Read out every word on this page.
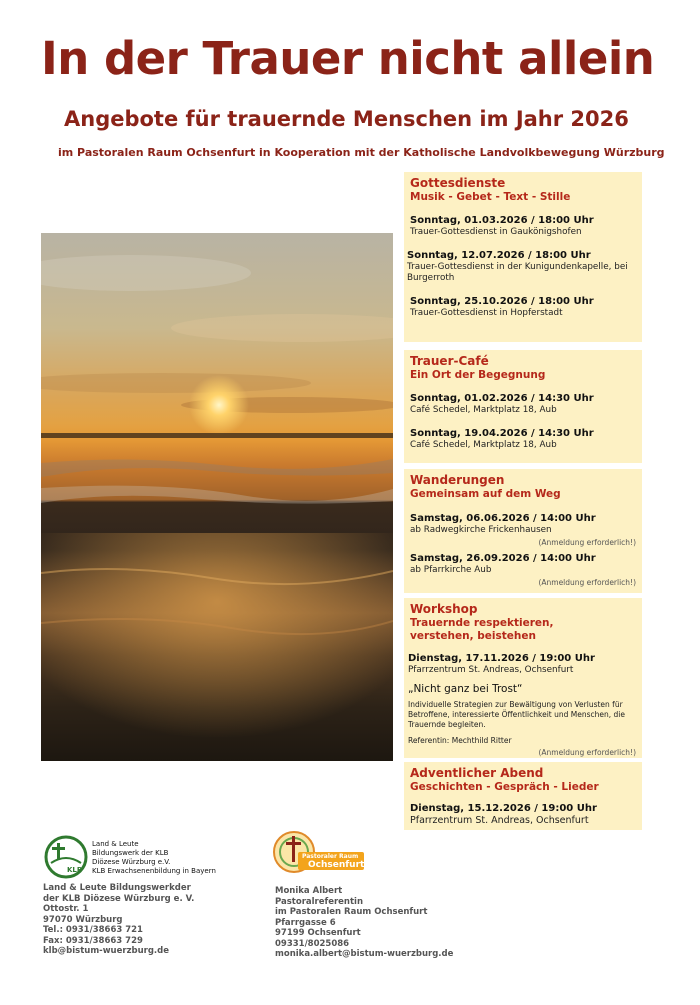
In der Trauer nicht allein
Angebote für trauernde Menschen im Jahr 2026
im Pastoralen Raum Ochsenfurt in Kooperation mit der Katholische Landvolkbewegung Würzburg
Gottesdienste
Musik - Gebet - Text - Stille
Sonntag, 01.03.2026 / 18:00 Uhr
Trauer-Gottesdienst in Gaukönigshofen
Sonntag, 12.07.2026 / 18:00 Uhr
Trauer-Gottesdienst in der Kunigundenkapelle, bei Burgerroth
Sonntag, 25.10.2026 / 18:00 Uhr
Trauer-Gottesdienst in Hopferstadt
Trauer-Café
Ein Ort der Begegnung
Sonntag, 01.02.2026 / 14:30 Uhr
Café Schedel, Marktplatz 18, Aub
Sonntag, 19.04.2026 / 14:30 Uhr
Café Schedel, Marktplatz 18, Aub
Wanderungen
Gemeinsam auf dem Weg
Samstag, 06.06.2026 / 14:00 Uhr
ab Radwegkirche Frickenhausen
(Anmeldung erforderlich!)
Samstag, 26.09.2026 / 14:00 Uhr
ab Pfarrkirche Aub
(Anmeldung erforderlich!)
Workshop
Trauernde respektieren,
verstehen, beistehen
Dienstag, 17.11.2026 / 19:00 Uhr
Pfarrzentrum St. Andreas, Ochsenfurt
„Nicht ganz bei Trost“
Individuelle Strategien zur Bewältigung von Verlusten für Betroffene, interessierte Öffentlichkeit und Menschen, die Trauernde begleiten.
Referentin: Mechthild Ritter
(Anmeldung erforderlich!)
Adventlicher Abend
Geschichten - Gespräch - Lieder
Dienstag, 15.12.2026 / 19:00 Uhr
Pfarrzentrum St. Andreas, Ochsenfurt
KLB
Land & Leute
Bildungswerk der KLB
Diözese Würzburg e.V.
KLB Erwachsenenbildung in Bayern
Land & Leute Bildungswerkder
der KLB Diözese Würzburg e. V.
Ottostr. 1
97070 Würzburg
Tel.: 0931/38663 721
Fax: 0931/38663 729
klb@bistum-wuerzburg.de
Pastoraler Raum
Ochsenfurt
Monika Albert
Pastoralreferentin
im Pastoralen Raum Ochsenfurt
Pfarrgasse 6
97199 Ochsenfurt
09331/8025086
monika.albert@bistum-wuerzburg.de
